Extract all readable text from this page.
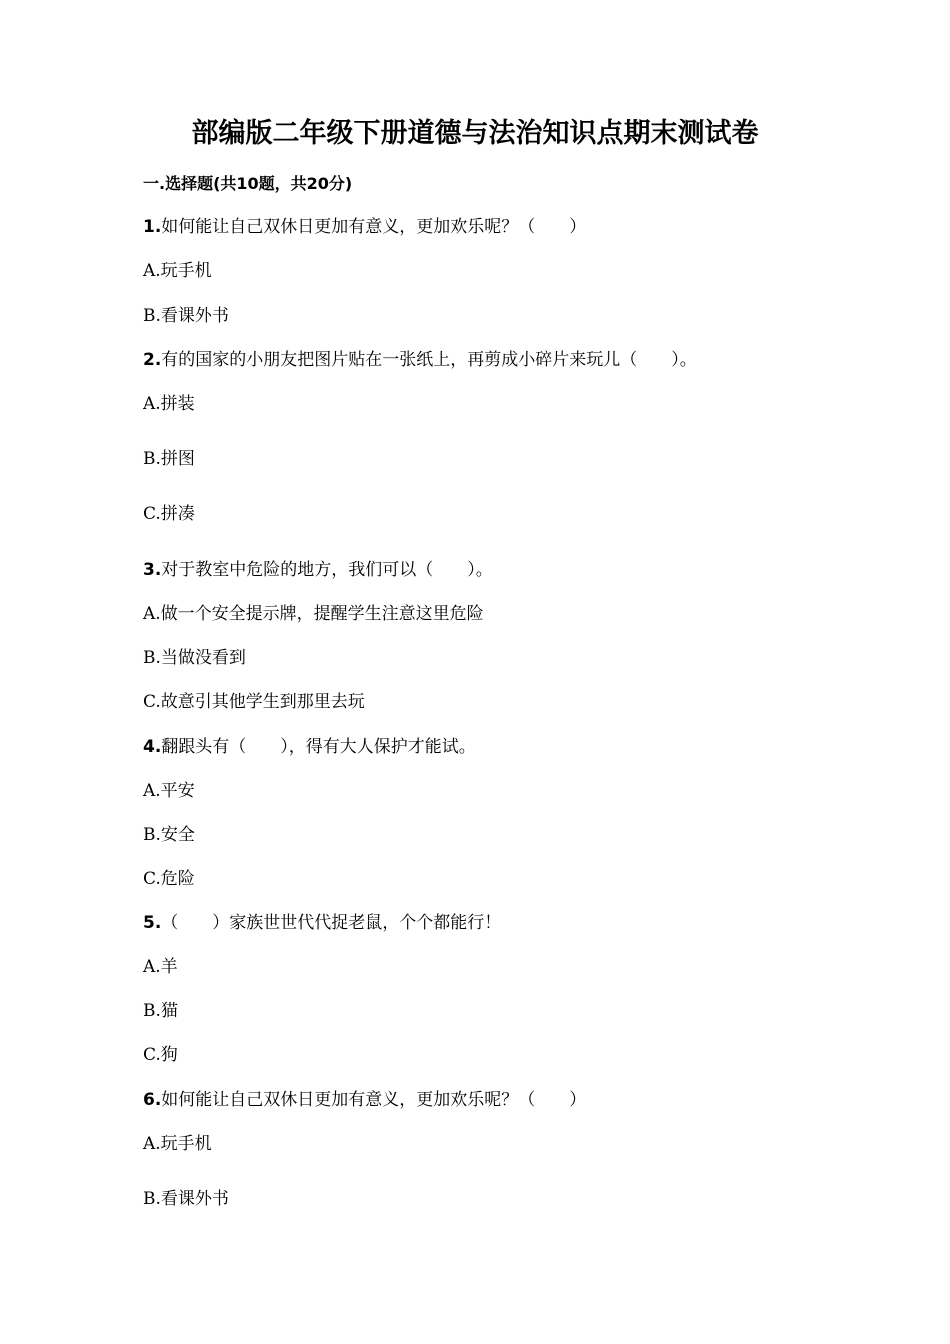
部编版二年级下册道德与法治知识点期末测试卷
一.选择题(共10题，共20分)
1.如何能让自己双休日更加有意义，更加欢乐呢？（　　）
A.玩手机
B.看课外书
2.有的国家的小朋友把图片贴在一张纸上，再剪成小碎片来玩儿（　　）。
A.拼装
B.拼图
C.拼凑
3.对于教室中危险的地方，我们可以（　　）。
A.做一个安全提示牌，提醒学生注意这里危险
B.当做没看到
C.故意引其他学生到那里去玩
4.翻跟头有（　　），得有大人保护才能试。
A.平安
B.安全
C.危险
5.（　　）家族世世代代捉老鼠，个个都能行！
A.羊
B.猫
C.狗
6.如何能让自己双休日更加有意义，更加欢乐呢？（　　）
A.玩手机
B.看课外书
